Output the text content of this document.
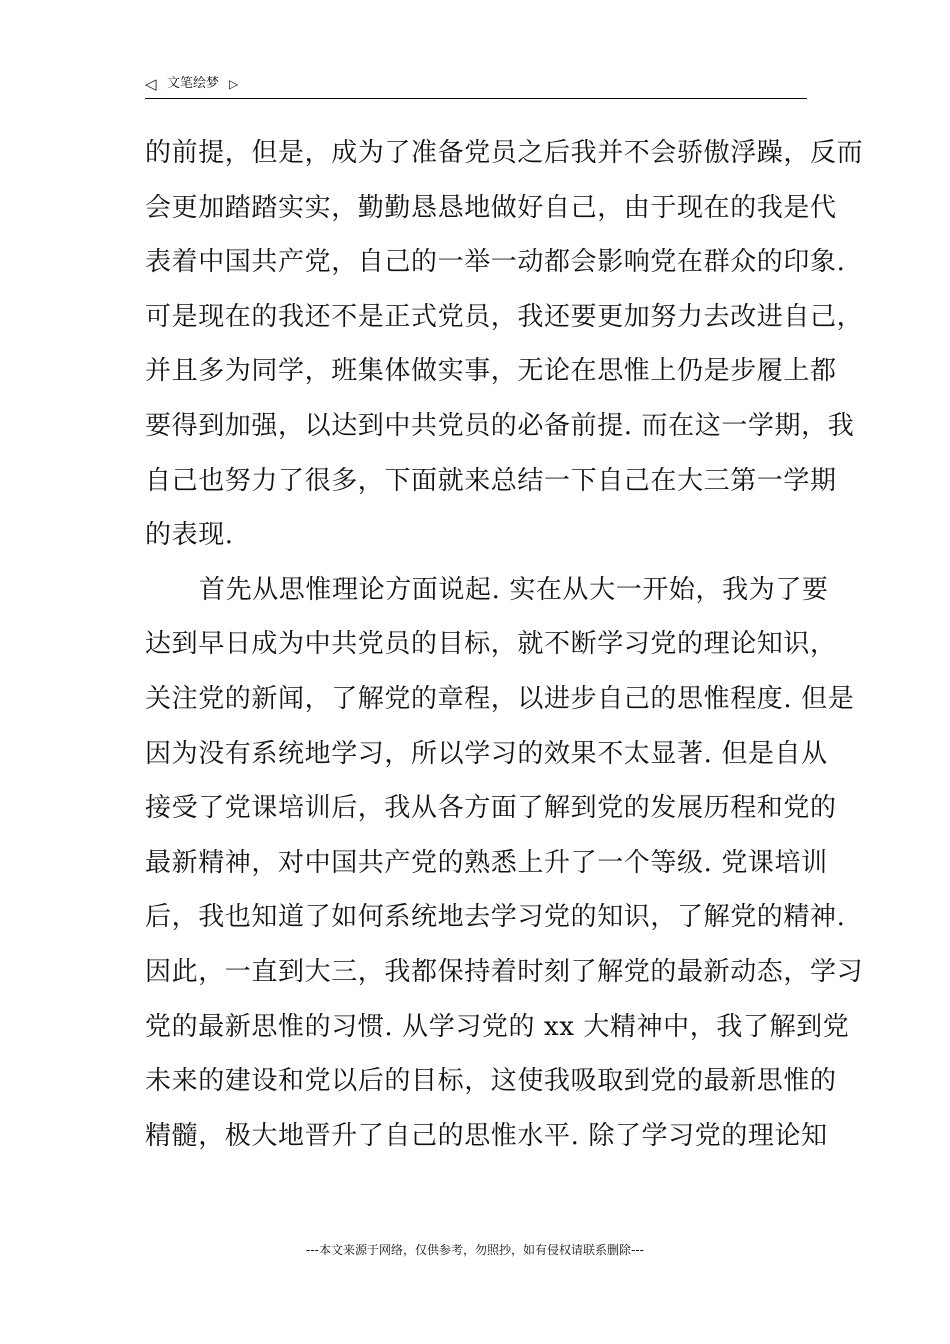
◁ 文笔绘梦 ▷
的前提，但是，成为了准备党员之后我并不会骄傲浮躁，反而
会更加踏踏实实，勤勤恳恳地做好自己，由于现在的我是代
表着中国共产党，自己的一举一动都会影响党在群众的印象.
可是现在的我还不是正式党员，我还要更加努力去改进自己，
并且多为同学，班集体做实事，无论在思惟上仍是步履上都
要得到加强，以达到中共党员的必备前提. 而在这一学期，我
自己也努力了很多，下面就来总结一下自己在大三第一学期
的表现.
首先从思惟理论方面说起. 实在从大一开始，我为了要
达到早日成为中共党员的目标，就不断学习党的理论知识，
关注党的新闻，了解党的章程，以进步自己的思惟程度. 但是
因为没有系统地学习，所以学习的效果不太显著. 但是自从
接受了党课培训后，我从各方面了解到党的发展历程和党的
最新精神，对中国共产党的熟悉上升了一个等级. 党课培训
后，我也知道了如何系统地去学习党的知识，了解党的精神.
因此，一直到大三，我都保持着时刻了解党的最新动态，学习
党的最新思惟的习惯. 从学习党的 xx 大精神中，我了解到党
未来的建设和党以后的目标，这使我吸取到党的最新思惟的
精髓，极大地晋升了自己的思惟水平. 除了学习党的理论知
---本文来源于网络，仅供参考，勿照抄，如有侵权请联系删除---
